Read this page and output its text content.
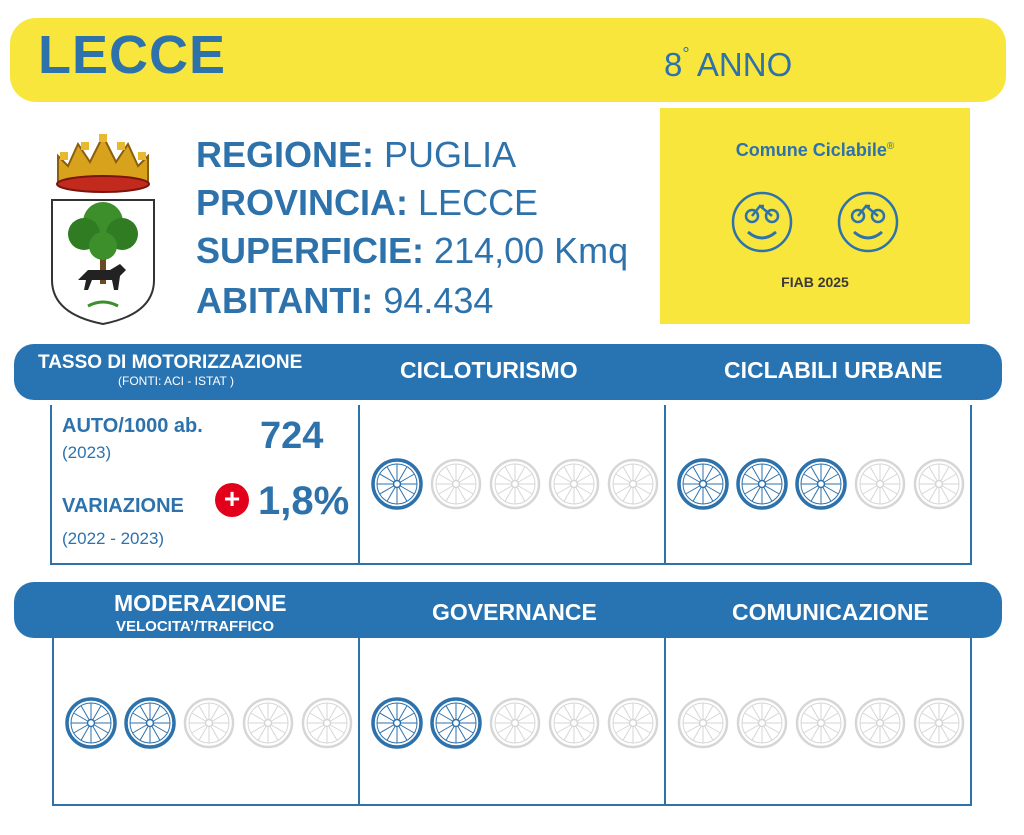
LECCE	8° ANNO
REGIONE: PUGLIA
PROVINCIA: LECCE
SUPERFICIE: 214,00 Kmq
ABITANTI: 94.434
Comune Ciclabile®
FIAB 2025
TASSO DI MOTORIZZAZIONE
(FONTI: ACI - ISTAT )	CICLOTURISMO	CICLABILI URBANE
AUTO/1000 ab.
(2023)	724
VARIAZIONE	+ 1,8%
(2022 - 2023)
MODERAZIONE
VELOCITA’/TRAFFICO
GOVERNANCE	COMUNICAZIONE
